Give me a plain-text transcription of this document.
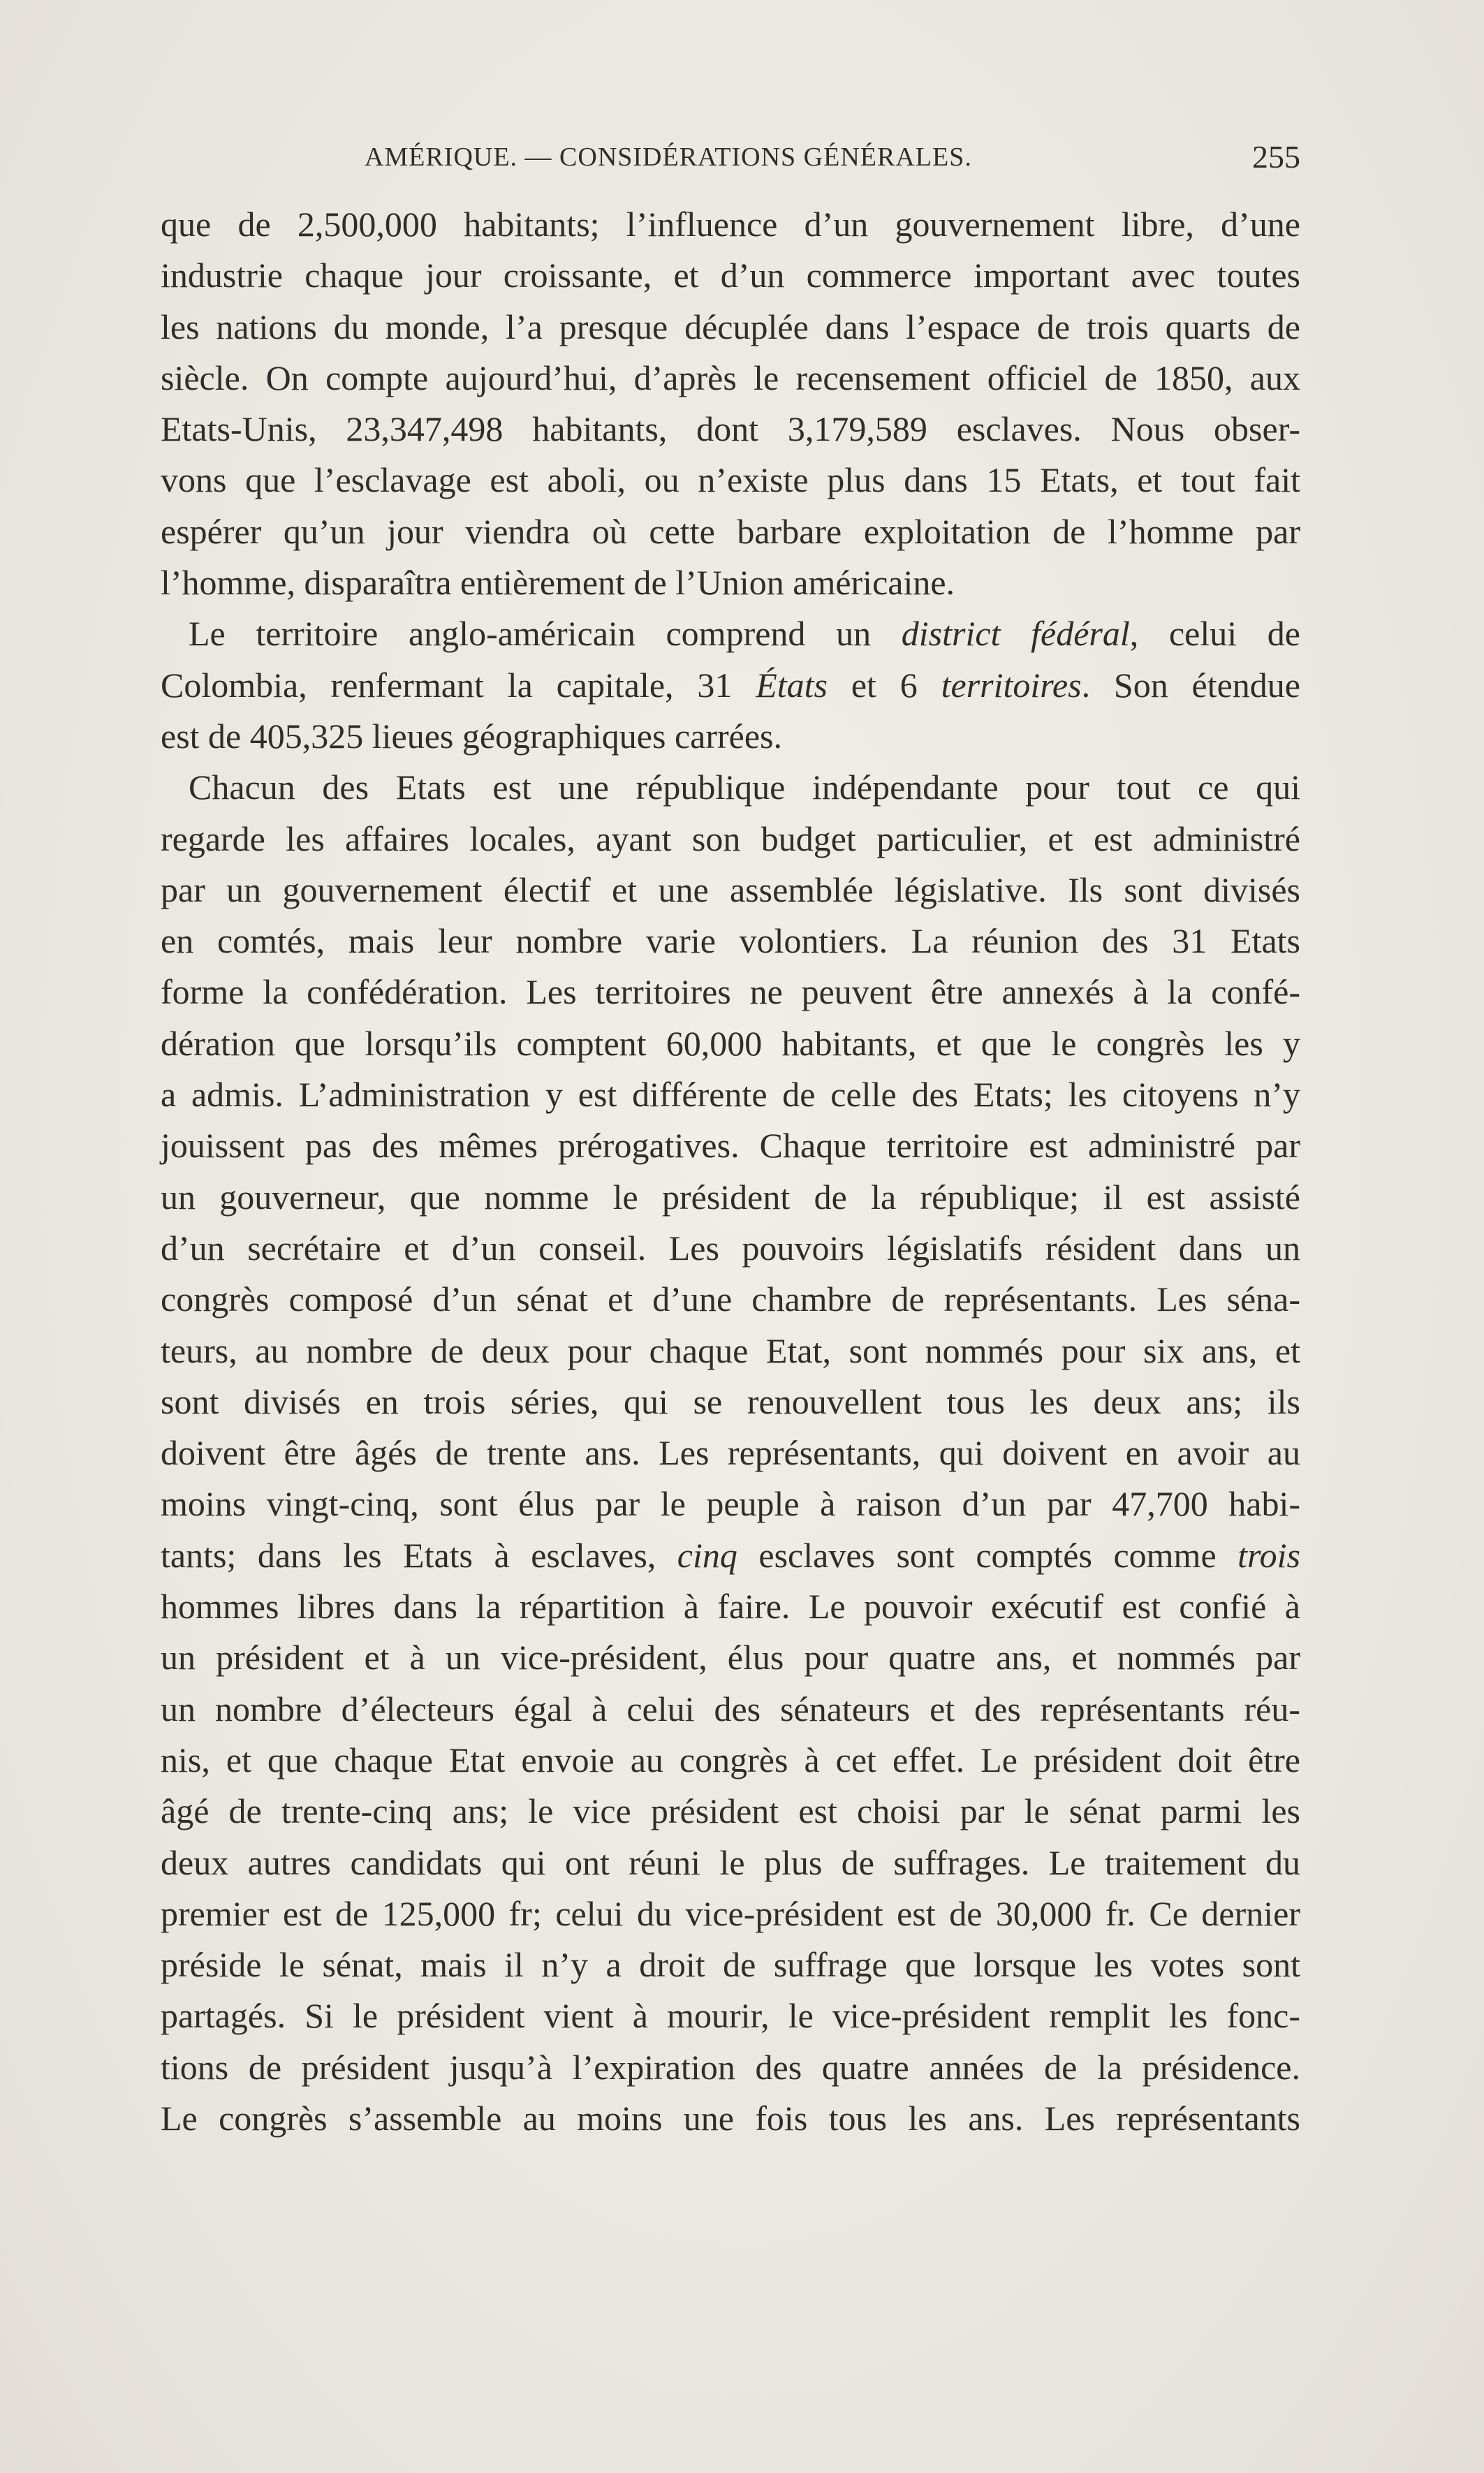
AMÉRIQUE. — CONSIDÉRATIONS GÉNÉRALES.	255
que de 2,500,000 habitants; l’influence d’un gouvernement libre, d’une
industrie chaque jour croissante, et d’un commerce important avec toutes
les nations du monde, l’a presque décuplée dans l’espace de trois quarts de
siècle. On compte aujourd’hui, d’après le recensement officiel de 1850, aux
Etats-Unis, 23,347,498 habitants, dont 3,179,589 esclaves. Nous obser-
vons que l’esclavage est aboli, ou n’existe plus dans 15 Etats, et tout fait
espérer qu’un jour viendra où cette barbare exploitation de l’homme par
l’homme, disparaîtra entièrement de l’Union américaine.
Le territoire anglo-américain comprend un district fédéral, celui de
Colombia, renfermant la capitale, 31 États et 6 territoires. Son étendue
est de 405,325 lieues géographiques carrées.
Chacun des Etats est une république indépendante pour tout ce qui
regarde les affaires locales, ayant son budget particulier, et est administré
par un gouvernement électif et une assemblée législative. Ils sont divisés
en comtés, mais leur nombre varie volontiers. La réunion des 31 Etats
forme la confédération. Les territoires ne peuvent être annexés à la confé-
dération que lorsqu’ils comptent 60,000 habitants, et que le congrès les y
a admis. L’administration y est différente de celle des Etats; les citoyens n’y
jouissent pas des mêmes prérogatives. Chaque territoire est administré par
un gouverneur, que nomme le président de la république; il est assisté
d’un secrétaire et d’un conseil. Les pouvoirs législatifs résident dans un
congrès composé d’un sénat et d’une chambre de représentants. Les séna-
teurs, au nombre de deux pour chaque Etat, sont nommés pour six ans, et
sont divisés en trois séries, qui se renouvellent tous les deux ans; ils
doivent être âgés de trente ans. Les représentants, qui doivent en avoir au
moins vingt-cinq, sont élus par le peuple à raison d’un par 47,700 habi-
tants; dans les Etats à esclaves, cinq esclaves sont comptés comme trois
hommes libres dans la répartition à faire. Le pouvoir exécutif est confié à
un président et à un vice-président, élus pour quatre ans, et nommés par
un nombre d’électeurs égal à celui des sénateurs et des représentants réu-
nis, et que chaque Etat envoie au congrès à cet effet. Le président doit être
âgé de trente-cinq ans; le vice président est choisi par le sénat parmi les
deux autres candidats qui ont réuni le plus de suffrages. Le traitement du
premier est de 125,000 fr; celui du vice-président est de 30,000 fr. Ce dernier
préside le sénat, mais il n’y a droit de suffrage que lorsque les votes sont
partagés. Si le président vient à mourir, le vice-président remplit les fonc-
tions de président jusqu’à l’expiration des quatre années de la présidence.
Le congrès s’assemble au moins une fois tous les ans. Les représentants
